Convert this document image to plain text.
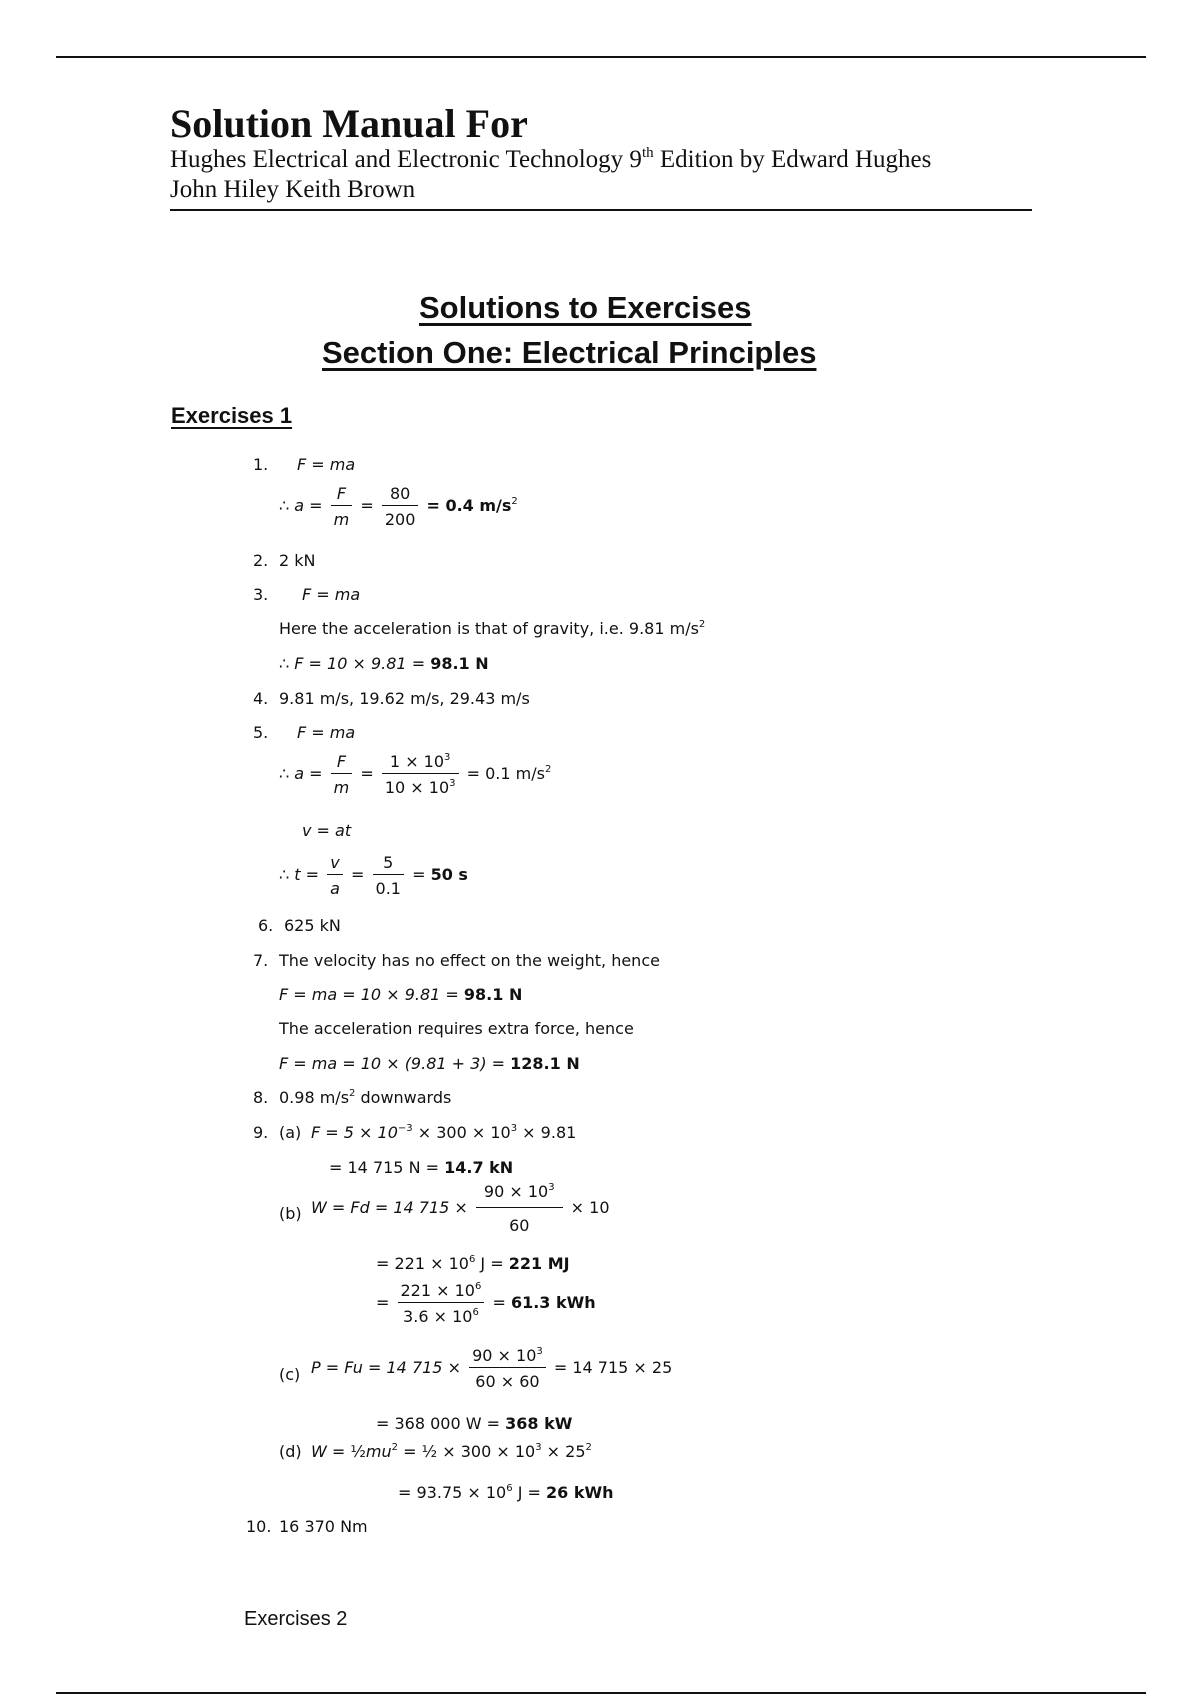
Solution Manual For
Hughes Electrical and Electronic Technology 9th Edition by Edward Hughes
John Hiley Keith Brown
Solutions to Exercises
Section One: Electrical Principles
Exercises 1
1. F = ma
∴ $a = \frac{F}{m} = \frac{80}{200} = 0.4$ $m/s^2$
2. 2 kN
3. F = ma
Here the acceleration is that of gravity, i.e. 9.81 $m/s^2$
∴ F = 10 × 9.81 = 98.1 N
4. 9.81 m/s, 19.62 m/s, 29.43 m/s
5. F = ma
∴ $a = \frac{F}{m} = \frac{1 \times 10^3}{10 \times 10^3} = 0.1$ $m/s^2$
v = at
∴ $t = \frac{v}{a} = \frac{5}{0.1} = 50$ s
6. 625 kN
7. The velocity has no effect on the weight, hence
F = ma = 10 × 9.81 = 98.1 N
The acceleration requires extra force, hence
F = ma = 10 × (9.81 + 3) = 128.1 N
8. 0.98 $m/s^2$ downwards
9. (a) $F = 5 \times 10^{-3} \times 300 \times 10^3 \times 9.81$
= 14 715 N = 14.7 kN
(b) W = Fd = 14 $715 \times \frac{90 \times 10^3}{60} \times 10$
= $221 \times 10^6$ J = 221 MJ
= $\frac{221 \times 10^6}{3.6 \times 10^6} = 61.3$ kWh
(c) P = Fu = 14 $715 \times \frac{90 \times 10^3}{60 \times 60} = 14$ 715 × 25
= 368 000 W = 368 kW
(d) $W = \frac{1}{2}mu^2$ = ½ × $300 \times 10^3 \times 25^2$
= $93.75 \times 10^6$ J = 26 kWh
10. 16 370 Nm
Exercises 2
